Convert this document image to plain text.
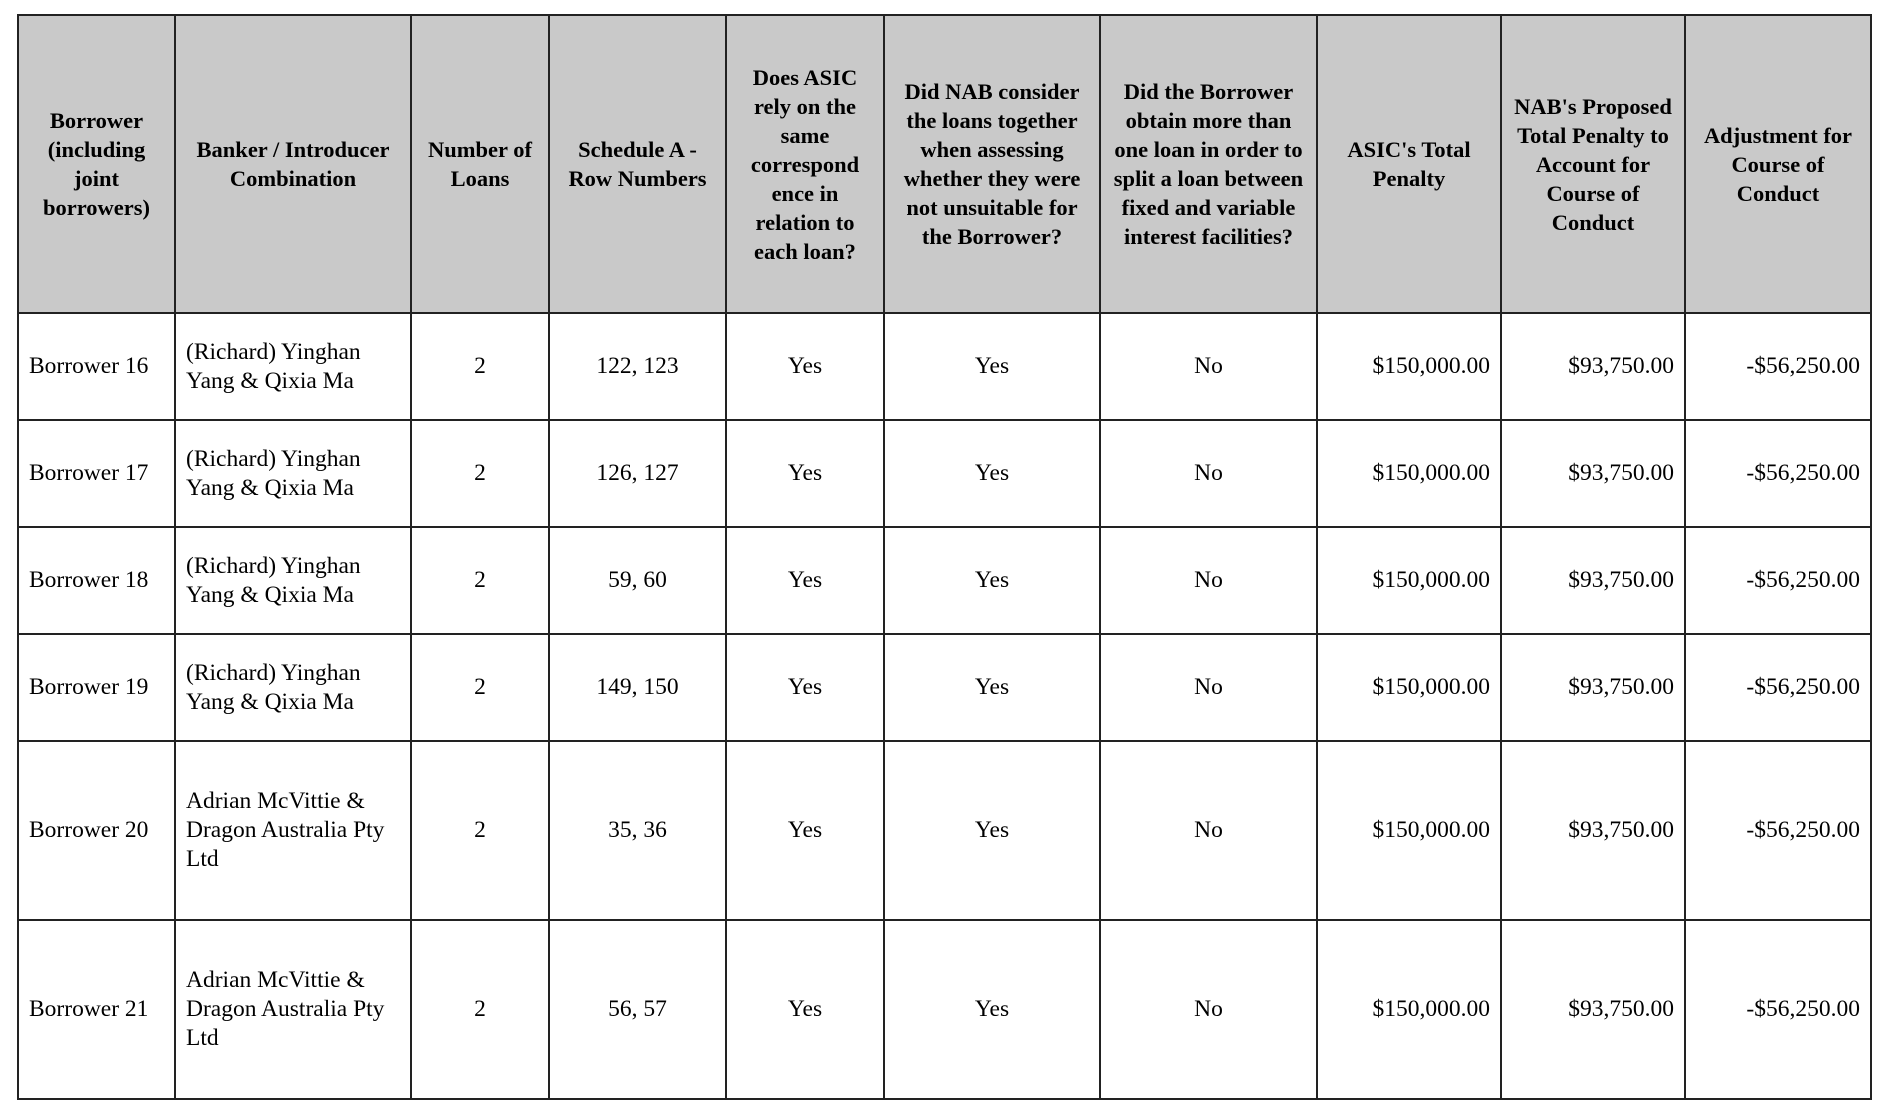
Borrower (including joint borrowers)	Banker / Introducer Combination	Number of Loans	Schedule A - Row Numbers	Does ASIC rely on the same correspond ence in relation to each loan?	Did NAB consider the loans together when assessing whether they were not unsuitable for the Borrower?	Did the Borrower obtain more than one loan in order to split a loan between fixed and variable interest facilities?	ASIC's Total Penalty	NAB's Proposed Total Penalty to Account for Course of Conduct	Adjustment for Course of Conduct
Borrower 16	(Richard) Yinghan Yang & Qixia Ma	2	122, 123	Yes	Yes	No	$150,000.00	$93,750.00	-$56,250.00
Borrower 17	(Richard) Yinghan Yang & Qixia Ma	2	126, 127	Yes	Yes	No	$150,000.00	$93,750.00	-$56,250.00
Borrower 18	(Richard) Yinghan Yang & Qixia Ma	2	59, 60	Yes	Yes	No	$150,000.00	$93,750.00	-$56,250.00
Borrower 19	(Richard) Yinghan Yang & Qixia Ma	2	149, 150	Yes	Yes	No	$150,000.00	$93,750.00	-$56,250.00
Borrower 20	Adrian McVittie & Dragon Australia Pty Ltd	2	35, 36	Yes	Yes	No	$150,000.00	$93,750.00	-$56,250.00
Borrower 21	Adrian McVittie & Dragon Australia Pty Ltd	2	56, 57	Yes	Yes	No	$150,000.00	$93,750.00	-$56,250.00
